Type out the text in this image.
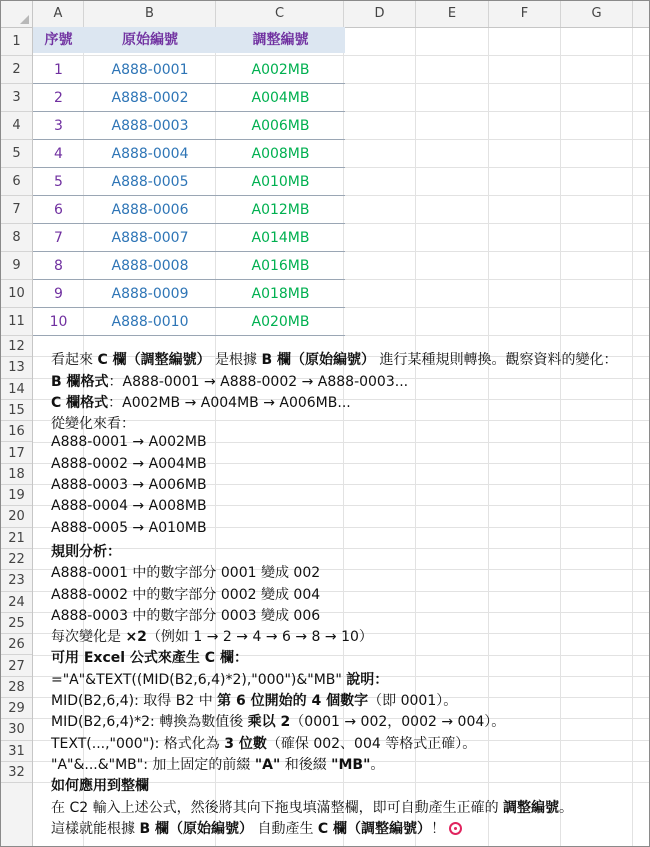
A	B	C	D	E	F	G
1
2
3
4
5
6
7
8
9
10
11
12
13
14
15
16
17
18
19
20
21
22
23
24
25
26
27
28
29
30
31
32
序號	原始編號	調整編號
1	A888-0001	A002MB
2	A888-0002	A004MB
3	A888-0003	A006MB
4	A888-0004	A008MB
5	A888-0005	A010MB
6	A888-0006	A012MB
7	A888-0007	A014MB
8	A888-0008	A016MB
9	A888-0009	A018MB
10	A888-0010	A020MB
看起來 C 欄（調整編號） 是根據 B 欄（原始編號） 進行某種規則轉換。觀察資料的變化：
B 欄格式：A888-0001 → A888-0002 → A888-0003...
C 欄格式：A002MB → A004MB → A006MB...
從變化來看：
A888-0001 → A002MB
A888-0002 → A004MB
A888-0003 → A006MB
A888-0004 → A008MB
A888-0005 → A010MB
規則分析：
A888-0001 中的數字部分 0001 變成 002
A888-0002 中的數字部分 0002 變成 004
A888-0003 中的數字部分 0003 變成 006
每次變化是 ×2（例如 1 → 2 → 4 → 6 → 8 → 10）
可用 Excel 公式來產生 C 欄：
="A"&TEXT((MID(B2,6,4)*2),"000")&"MB" 說明：
MID(B2,6,4): 取得 B2 中 第 6 位開始的 4 個數字（即 0001）。
MID(B2,6,4)*2: 轉換為數值後 乘以 2（0001 → 002，0002 → 004）。
TEXT(...,"000"): 格式化為 3 位數（確保 002、004 等格式正確）。
"A"&...&"MB": 加上固定的前綴 "A" 和後綴 "MB"。
如何應用到整欄
在 C2 輸入上述公式，然後將其向下拖曳填滿整欄，即可自動產生正確的 調整編號。
這樣就能根據 B 欄（原始編號） 自動產生 C 欄（調整編號）！
